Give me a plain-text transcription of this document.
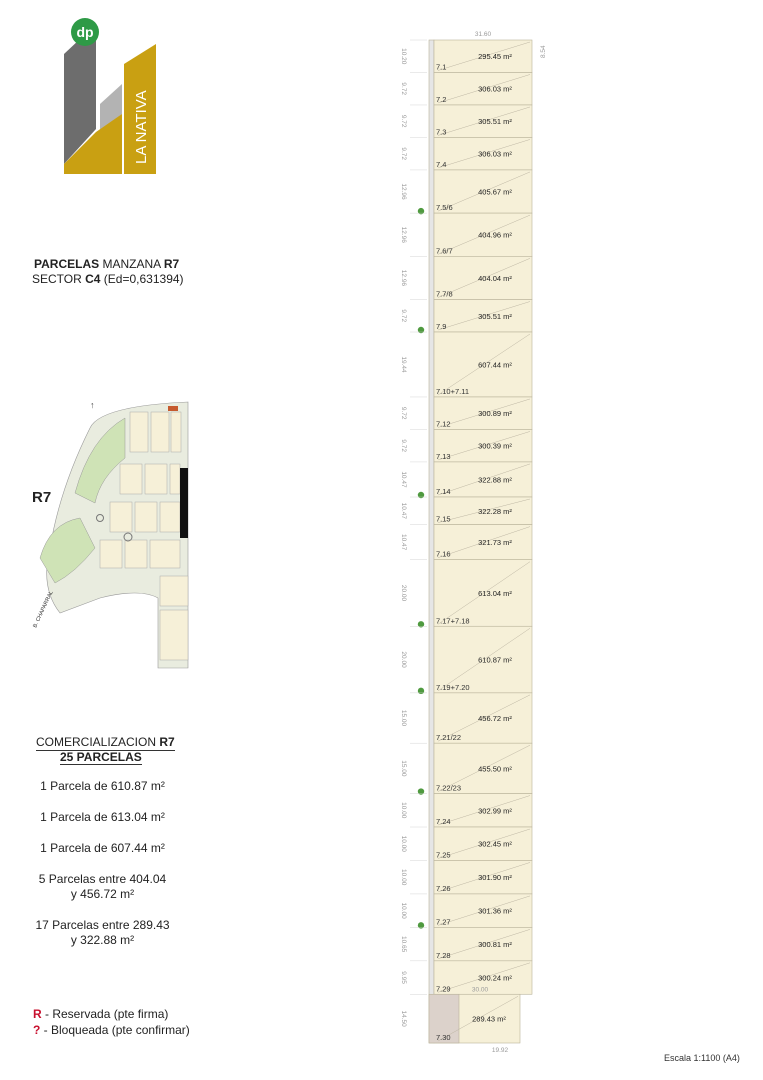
dp
LA NATIVA
PARCELAS MANZANA R7
SECTOR C4 (Ed=0,631394)
R7
↑
B. CHAPARRAL
COMERCIALIZACION R7
25 PARCELAS
1 Parcela de 610.87 m²
1 Parcela de 613.04 m²
1 Parcela de 607.44 m²
5 Parcelas entre 404.04
y 456.72 m²
17 Parcelas entre 289.43
y 322.88 m²
R - Reservada (pte firma)
? - Bloqueada (pte confirmar)
Escala 1:1100 (A4)
31.60
8.54
295.45 m²
7.1
10.20
306.03 m²
7.2
9.72
305.51 m²
7.3
9.72
306.03 m²
7.4
9.72
405.67 m²
7.5/6
12.96
404.96 m²
7.6/7
12.96
404.04 m²
7.7/8
12.96
305.51 m²
7.9
9.72
607.44 m²
7.10+7.11
19.44
300.89 m²
7.12
9.72
300.39 m²
7.13
9.72
322.88 m²
7.14
10.47
322.28 m²
7.15
10.47
321.73 m²
7.16
10.47
613.04 m²
7.17+7.18
20.00
610.87 m²
7.19+7.20
20.00
456.72 m²
7.21/22
15.00
455.50 m²
7.22/23
15.00
302.99 m²
7.24
10.00
302.45 m²
7.25
10.00
301.90 m²
7.26
10.00
301.36 m²
7.27
10.00
300.81 m²
7.28
10.65
300.24 m²
7.29
9.95
289.43 m²
7.30
14.50
30.00
19.92
